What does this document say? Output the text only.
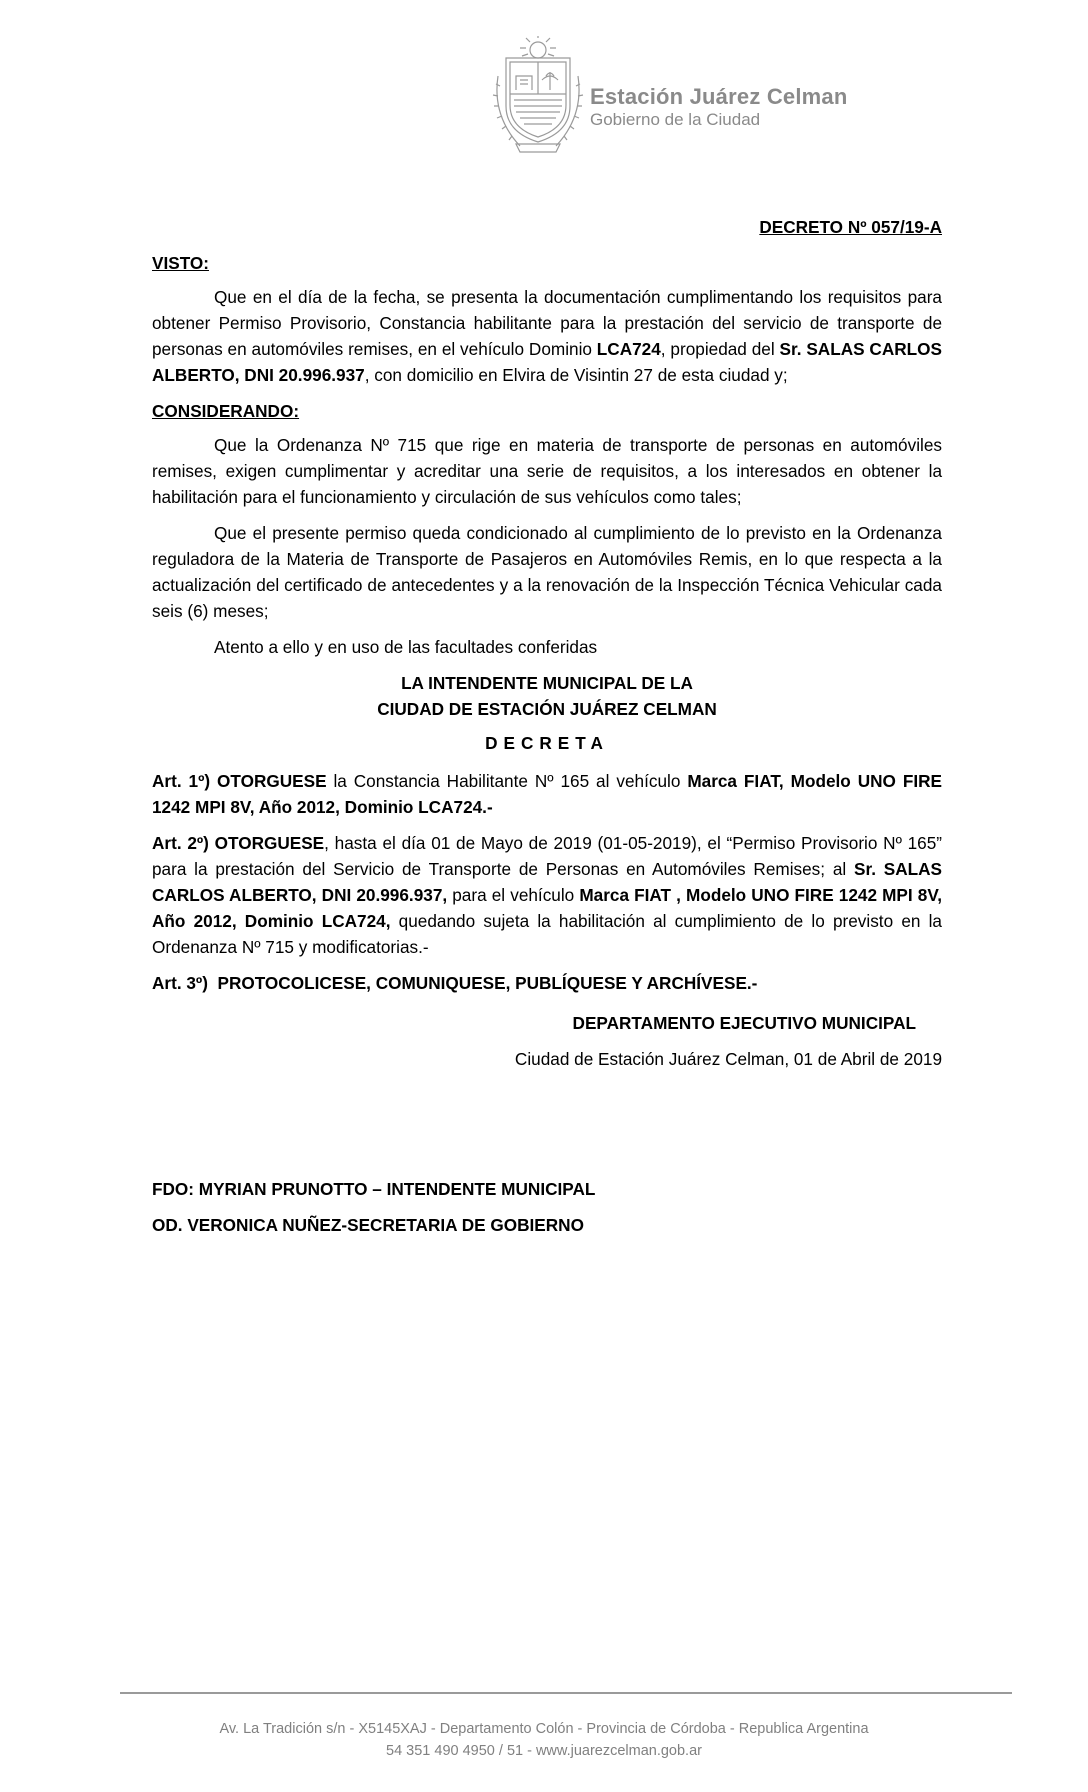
Estación Juárez Celman
Gobierno de la Ciudad

DECRETO Nº 057/19-A

VISTO:

Que en el día de la fecha, se presenta la documentación cumplimentando los requisitos para obtener Permiso Provisorio, Constancia habilitante para la prestación del servicio de transporte de personas en automóviles remises, en el vehículo Dominio LCA724, propiedad del Sr. SALAS CARLOS ALBERTO, DNI 20.996.937, con domicilio en Elvira de Visintin 27 de esta ciudad y;

CONSIDERANDO:

Que la Ordenanza Nº 715 que rige en materia de transporte de personas en automóviles remises, exigen cumplimentar y acreditar una serie de requisitos, a los interesados en obtener la habilitación para el funcionamiento y circulación de sus vehículos como tales;

Que el presente permiso queda condicionado al cumplimiento de lo previsto en la Ordenanza reguladora de la Materia de Transporte de Pasajeros en Automóviles Remis, en lo que respecta a la actualización del certificado de antecedentes y a la renovación de la Inspección Técnica Vehicular cada seis (6) meses;

Atento a ello y en uso de las facultades conferidas

LA INTENDENTE MUNICIPAL DE LA

CIUDAD DE ESTACIÓN JUÁREZ CELMAN

DECRETA

Art. 1º) OTORGUESE la Constancia Habilitante Nº 165 al vehículo Marca FIAT, Modelo UNO FIRE 1242 MPI 8V, Año 2012, Dominio LCA724.-

Art. 2º) OTORGUESE, hasta el día 01 de Mayo de 2019 (01-05-2019), el “Permiso Provisorio Nº 165” para la prestación del Servicio de Transporte de Personas en Automóviles Remises; al Sr. SALAS CARLOS ALBERTO, DNI 20.996.937, para el vehículo Marca FIAT , Modelo UNO FIRE 1242 MPI 8V, Año 2012, Dominio LCA724, quedando sujeta la habilitación al cumplimiento de lo previsto en la Ordenanza Nº 715 y modificatorias.-

Art. 3º) PROTOCOLICESE, COMUNIQUESE, PUBLÍQUESE Y ARCHÍVESE.-

DEPARTAMENTO EJECUTIVO MUNICIPAL

Ciudad de Estación Juárez Celman, 01 de Abril de 2019

FDO: MYRIAN PRUNOTTO – INTENDENTE MUNICIPAL

OD. VERONICA NUÑEZ-SECRETARIA DE GOBIERNO

Av. La Tradición s/n - X5145XAJ - Departamento Colón - Provincia de Córdoba - Republica Argentina
54 351 490 4950 / 51 - www.juarezcelman.gob.ar
